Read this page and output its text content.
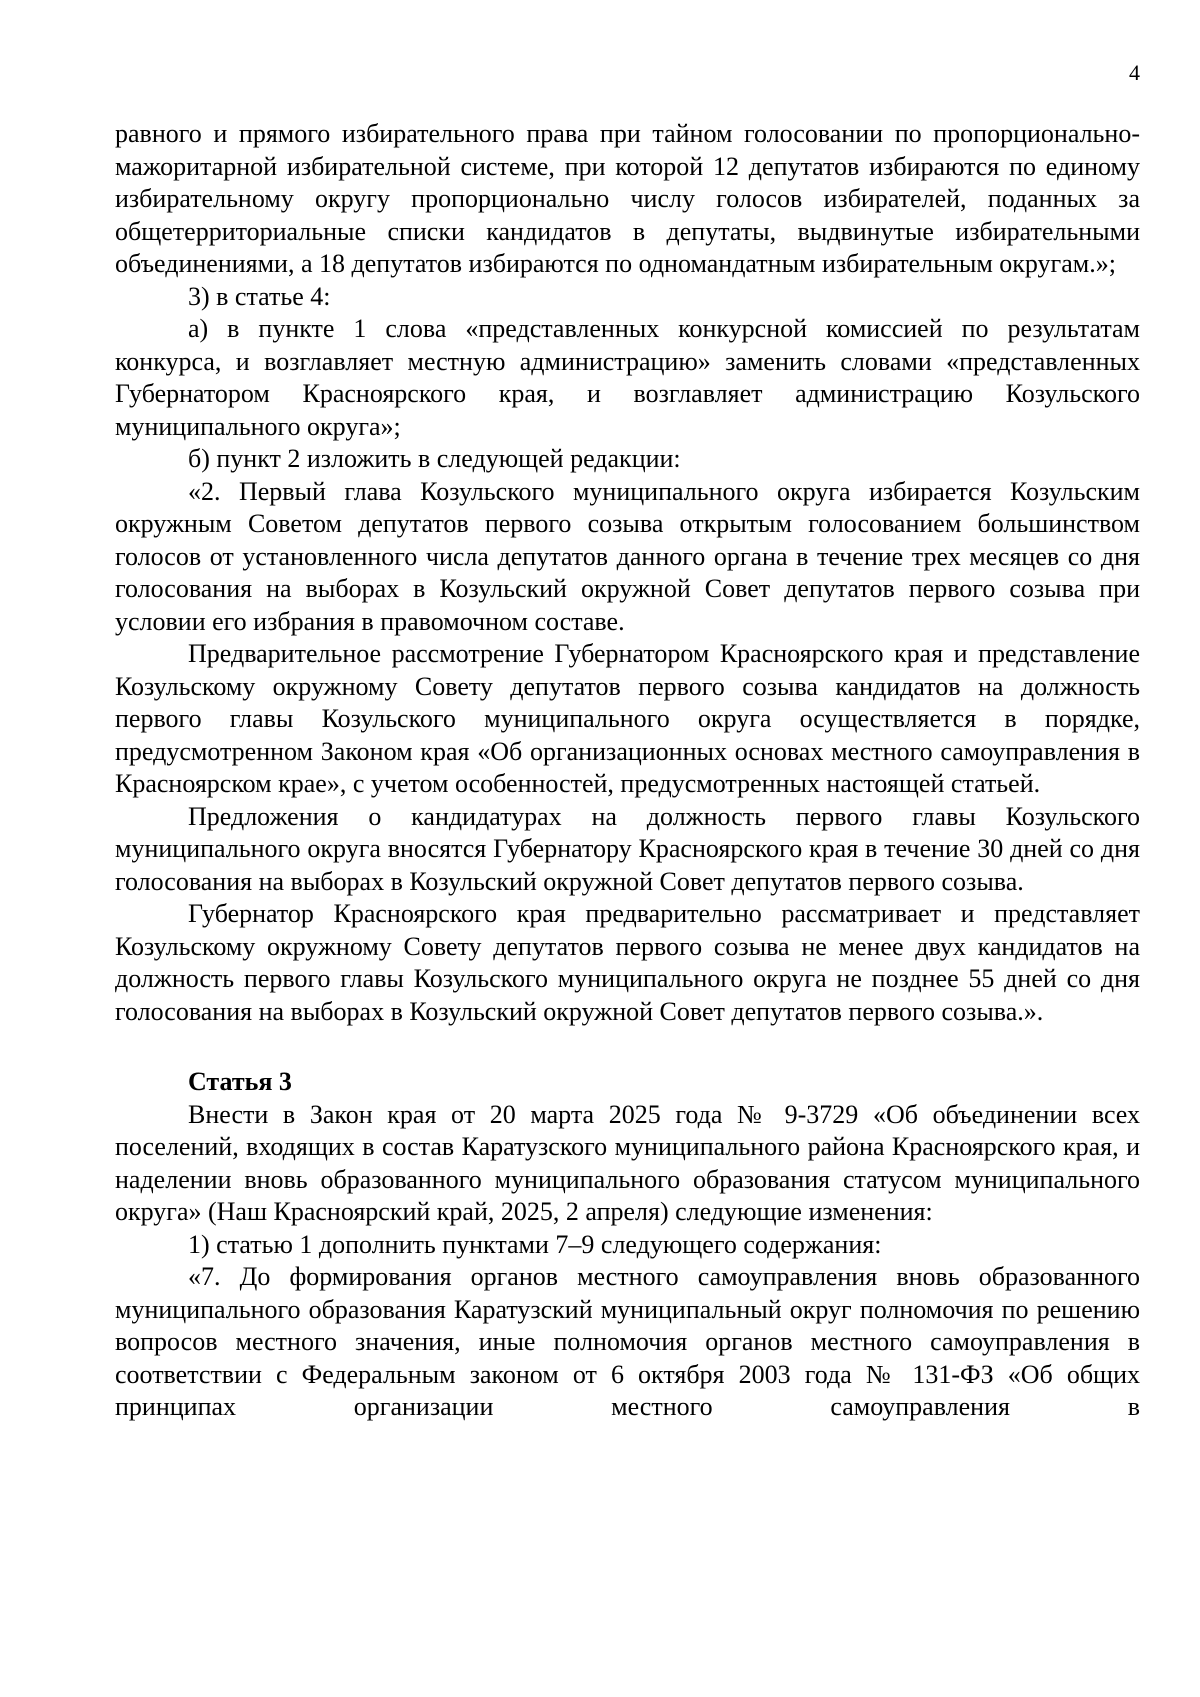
4

равного и прямого избирательного права при тайном голосовании по пропорционально-мажоритарной избирательной системе, при которой 12 депутатов избираются по единому избирательному округу пропорционально числу голосов избирателей, поданных за общетерриториальные списки кандидатов в депутаты, выдвинутые избирательными объединениями, а 18 депутатов избираются по одномандатным избирательным округам.»;

3) в статье 4:

а) в пункте 1 слова «представленных конкурсной комиссией по результатам конкурса, и возглавляет местную администрацию» заменить словами «представленных Губернатором Красноярского края, и возглавляет администрацию Козульского муниципального округа»;

б) пункт 2 изложить в следующей редакции:

«2. Первый глава Козульского муниципального округа избирается Козульским окружным Советом депутатов первого созыва открытым голосованием большинством голосов от установленного числа депутатов данного органа в течение трех месяцев со дня голосования на выборах в Козульский окружной Совет депутатов первого созыва при условии его избрания в правомочном составе.

Предварительное рассмотрение Губернатором Красноярского края и представление Козульскому окружному Совету депутатов первого созыва кандидатов на должность первого главы Козульского муниципального округа осуществляется в порядке, предусмотренном Законом края «Об организационных основах местного самоуправления в Красноярском крае», с учетом особенностей, предусмотренных настоящей статьей.

Предложения о кандидатурах на должность первого главы Козульского муниципального округа вносятся Губернатору Красноярского края в течение 30 дней со дня голосования на выборах в Козульский окружной Совет депутатов первого созыва.

Губернатор Красноярского края предварительно рассматривает и представляет Козульскому окружному Совету депутатов первого созыва не менее двух кандидатов на должность первого главы Козульского муниципального округа не позднее 55 дней со дня голосования на выборах в Козульский окружной Совет депутатов первого созыва.».

Статья 3

Внести в Закон края от 20 марта 2025 года № 9-3729 «Об объединении всех поселений, входящих в состав Каратузского муниципального района Красноярского края, и наделении вновь образованного муниципального образования статусом муниципального округа» (Наш Красноярский край, 2025, 2 апреля) следующие изменения:

1) статью 1 дополнить пунктами 7–9 следующего содержания:

«7. До формирования органов местного самоуправления вновь образованного муниципального образования Каратузский муниципальный округ полномочия по решению вопросов местного значения, иные полномочия органов местного самоуправления в соответствии с Федеральным законом от 6 октября 2003 года № 131-ФЗ «Об общих принципах организации местного самоуправления в
